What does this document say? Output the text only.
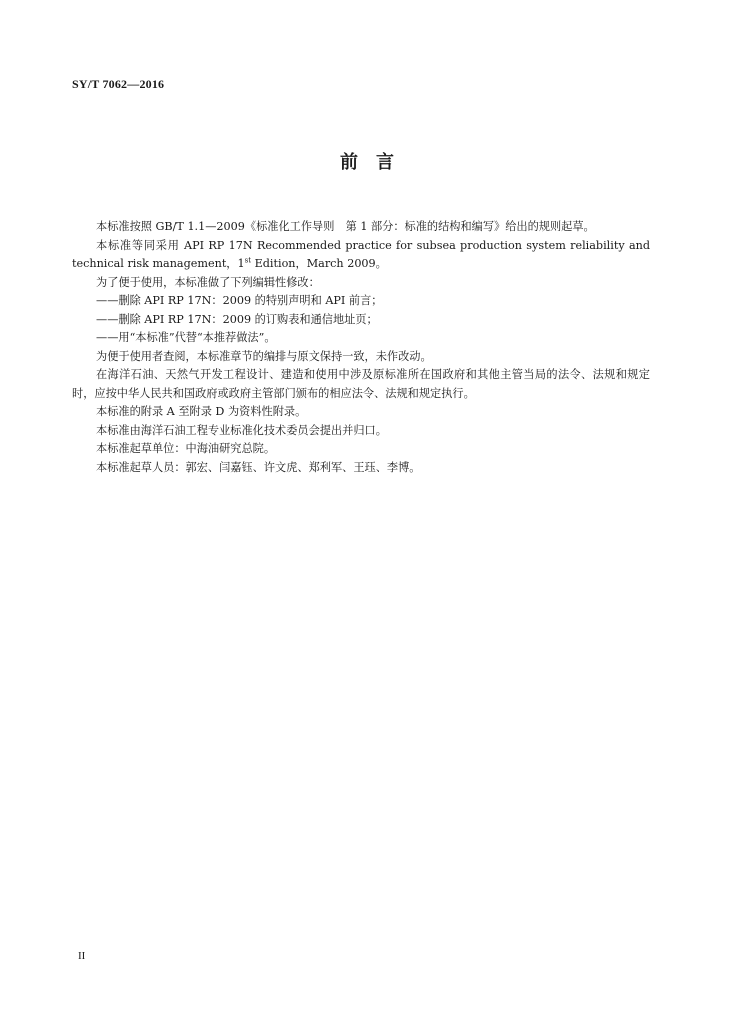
SY/T 7062—2016
前　言

本标准按照 GB/T 1.1—2009《标准化工作导则　第 1 部分：标准的结构和编写》给出的规则起草。

本标准等同采用 API RP 17N Recommended practice for subsea production system reliability and technical risk management，1st Edition，March 2009。

为了便于使用，本标准做了下列编辑性修改：

——删除 API RP 17N：2009 的特别声明和 API 前言；

——删除 API RP 17N：2009 的订购表和通信地址页；

——用“本标准”代替“本推荐做法”。

为便于使用者查阅，本标准章节的编排与原文保持一致，未作改动。

在海洋石油、天然气开发工程设计、建造和使用中涉及原标准所在国政府和其他主管当局的法令、法规和规定时，应按中华人民共和国政府或政府主管部门颁布的相应法令、法规和规定执行。

本标准的附录 A 至附录 D 为资料性附录。

本标准由海洋石油工程专业标准化技术委员会提出并归口。

本标准起草单位：中海油研究总院。

本标准起草人员：郭宏、闫嘉钰、许文虎、郑利军、王珏、李博。

II
